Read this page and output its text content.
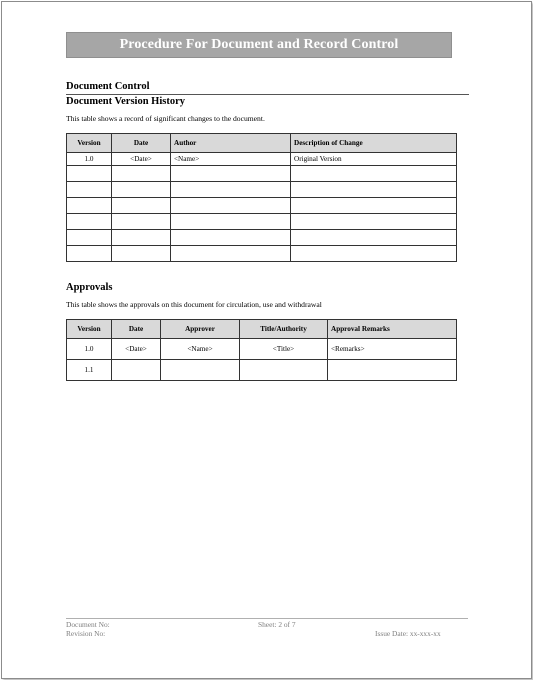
Procedure For Document and Record Control
Document Control
Document Version History
This table shows a record of significant changes to the document.
Version	Date	Author	Description of Change
1.0	<Date>	<Name>	Original Version

Approvals
This table shows the approvals on this document for circulation, use and withdrawal
Version	Date	Approver	Title/Authority	Approval Remarks
1.0	<Date>	<Name>	<Title>	<Remarks>
1.1				
Document No:
Revision No:
Sheet: 2 of 7
Issue Date: xx-xxx-xx
